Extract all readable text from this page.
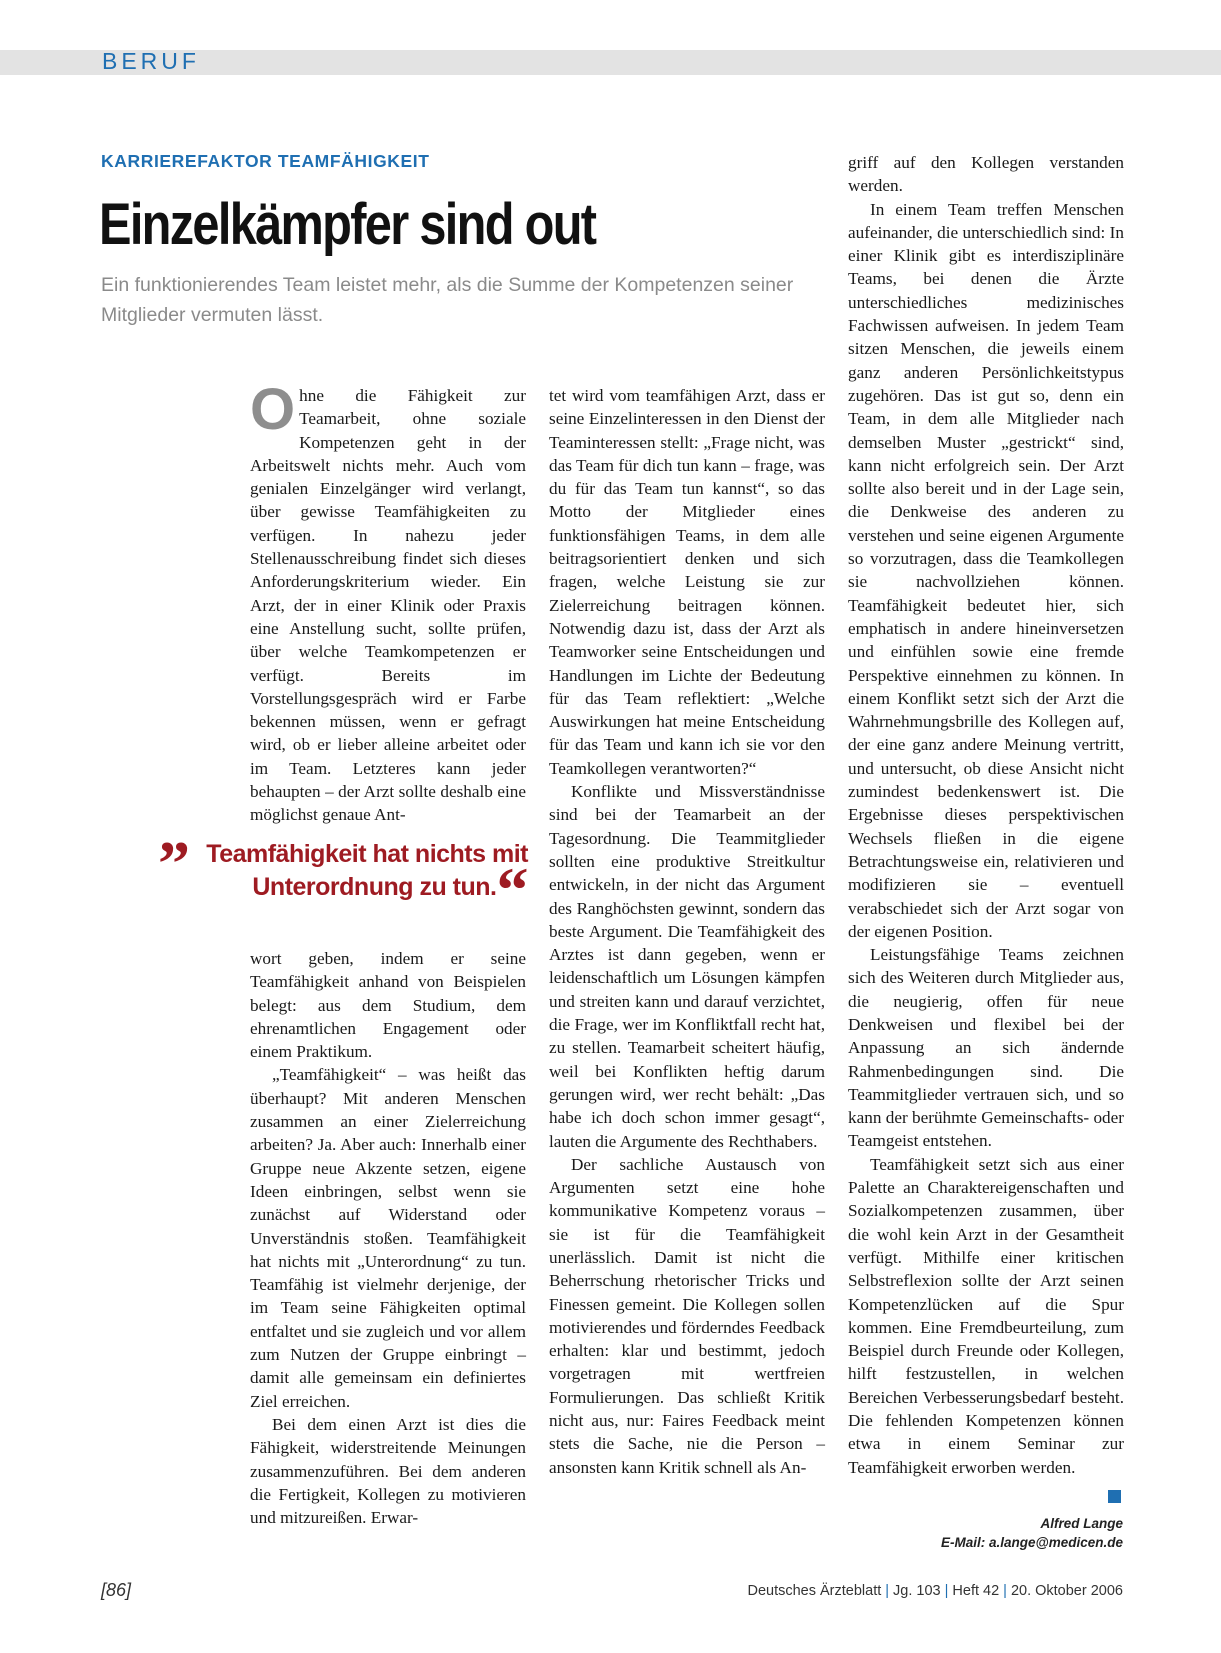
BERUF
KARRIEREFAKTOR TEAMFÄHIGKEIT
Einzelkämpfer sind out
Ein funktionierendes Team leistet mehr, als die Summe der Kompetenzen seiner Mitglieder vermuten lässt.

Ohne die Fähigkeit zur Teamarbeit, ohne soziale Kompetenzen geht in der Arbeitswelt nichts mehr. Auch vom genialen Einzelgänger wird verlangt, über gewisse Teamfähigkeiten zu verfügen. In nahezu jeder Stellenausschreibung findet sich dieses Anforderungskriterium wieder. Ein Arzt, der in einer Klinik oder Praxis eine Anstellung sucht, sollte prüfen, über welche Teamkompetenzen er verfügt. Bereits im Vorstellungsgespräch wird er Farbe bekennen müssen, wenn er gefragt wird, ob er lieber alleine arbeitet oder im Team. Letzteres kann jeder behaupten – der Arzt sollte deshalb eine möglichst genaue Ant-

” Teamfähigkeit hat nichts mit
Unterordnung zu tun.“

wort geben, indem er seine Teamfähigkeit anhand von Beispielen belegt: aus dem Studium, dem ehrenamtlichen Engagement oder einem Praktikum.

„Teamfähigkeit“ – was heißt das überhaupt? Mit anderen Menschen zusammen an einer Zielerreichung arbeiten? Ja. Aber auch: Innerhalb einer Gruppe neue Akzente setzen, eigene Ideen einbringen, selbst wenn sie zunächst auf Widerstand oder Unverständnis stoßen. Teamfähigkeit hat nichts mit „Unterordnung“ zu tun. Teamfähig ist vielmehr derjenige, der im Team seine Fähigkeiten optimal entfaltet und sie zugleich und vor allem zum Nutzen der Gruppe einbringt – damit alle gemeinsam ein definiertes Ziel erreichen.

Bei dem einen Arzt ist dies die Fähigkeit, widerstreitende Meinungen zusammenzuführen. Bei dem anderen die Fertigkeit, Kollegen zu motivieren und mitzureißen. Erwar-

tet wird vom teamfähigen Arzt, dass er seine Einzelinteressen in den Dienst der Teaminteressen stellt: „Frage nicht, was das Team für dich tun kann – frage, was du für das Team tun kannst“, so das Motto der Mitglieder eines funktionsfähigen Teams, in dem alle beitragsorientiert denken und sich fragen, welche Leistung sie zur Zielerreichung beitragen können. Notwendig dazu ist, dass der Arzt als Teamworker seine Entscheidungen und Handlungen im Lichte der Bedeutung für das Team reflektiert: „Welche Auswirkungen hat meine Entscheidung für das Team und kann ich sie vor den Teamkollegen verantworten?“

Konflikte und Missverständnisse sind bei der Teamarbeit an der Tagesordnung. Die Teammitglieder sollten eine produktive Streitkultur entwickeln, in der nicht das Argument des Ranghöchsten gewinnt, sondern das beste Argument. Die Teamfähigkeit des Arztes ist dann gegeben, wenn er leidenschaftlich um Lösungen kämpfen und streiten kann und darauf verzichtet, die Frage, wer im Konfliktfall recht hat, zu stellen. Teamarbeit scheitert häufig, weil bei Konflikten heftig darum gerungen wird, wer recht behält: „Das habe ich doch schon immer gesagt“, lauten die Argumente des Rechthabers.

Der sachliche Austausch von Argumenten setzt eine hohe kommunikative Kompetenz voraus – sie ist für die Teamfähigkeit unerlässlich. Damit ist nicht die Beherrschung rhetorischer Tricks und Finessen gemeint. Die Kollegen sollen motivierendes und förderndes Feedback erhalten: klar und bestimmt, jedoch vorgetragen mit wertfreien Formulierungen. Das schließt Kritik nicht aus, nur: Faires Feedback meint stets die Sache, nie die Person – ansonsten kann Kritik schnell als An-

griff auf den Kollegen verstanden werden.

In einem Team treffen Menschen aufeinander, die unterschiedlich sind: In einer Klinik gibt es interdisziplinäre Teams, bei denen die Ärzte unterschiedliches medizinisches Fachwissen aufweisen. In jedem Team sitzen Menschen, die jeweils einem ganz anderen Persönlichkeitstypus zugehören. Das ist gut so, denn ein Team, in dem alle Mitglieder nach demselben Muster „gestrickt“ sind, kann nicht erfolgreich sein. Der Arzt sollte also bereit und in der Lage sein, die Denkweise des anderen zu verstehen und seine eigenen Argumente so vorzutragen, dass die Teamkollegen sie nachvollziehen können. Teamfähigkeit bedeutet hier, sich emphatisch in andere hineinversetzen und einfühlen sowie eine fremde Perspektive einnehmen zu können. In einem Konflikt setzt sich der Arzt die Wahrnehmungsbrille des Kollegen auf, der eine ganz andere Meinung vertritt, und untersucht, ob diese Ansicht nicht zumindest bedenkenswert ist. Die Ergebnisse dieses perspektivischen Wechsels fließen in die eigene Betrachtungsweise ein, relativieren und modifizieren sie – eventuell verabschiedet sich der Arzt sogar von der eigenen Position.

Leistungsfähige Teams zeichnen sich des Weiteren durch Mitglieder aus, die neugierig, offen für neue Denkweisen und flexibel bei der Anpassung an sich ändernde Rahmenbedingungen sind. Die Teammitglieder vertrauen sich, und so kann der berühmte Gemeinschafts- oder Teamgeist entstehen.

Teamfähigkeit setzt sich aus einer Palette an Charaktereigenschaften und Sozialkompetenzen zusammen, über die wohl kein Arzt in der Gesamtheit verfügt. Mithilfe einer kritischen Selbstreflexion sollte der Arzt seinen Kompetenzlücken auf die Spur kommen. Eine Fremdbeurteilung, zum Beispiel durch Freunde oder Kollegen, hilft festzustellen, in welchen Bereichen Verbesserungsbedarf besteht. Die fehlenden Kompetenzen können etwa in einem Seminar zur Teamfähigkeit erworben werden.

Alfred Lange
E-Mail: a.lange@medicen.de
[86]	Deutsches Ärzteblatt | Jg. 103 | Heft 42 | 20. Oktober 2006
